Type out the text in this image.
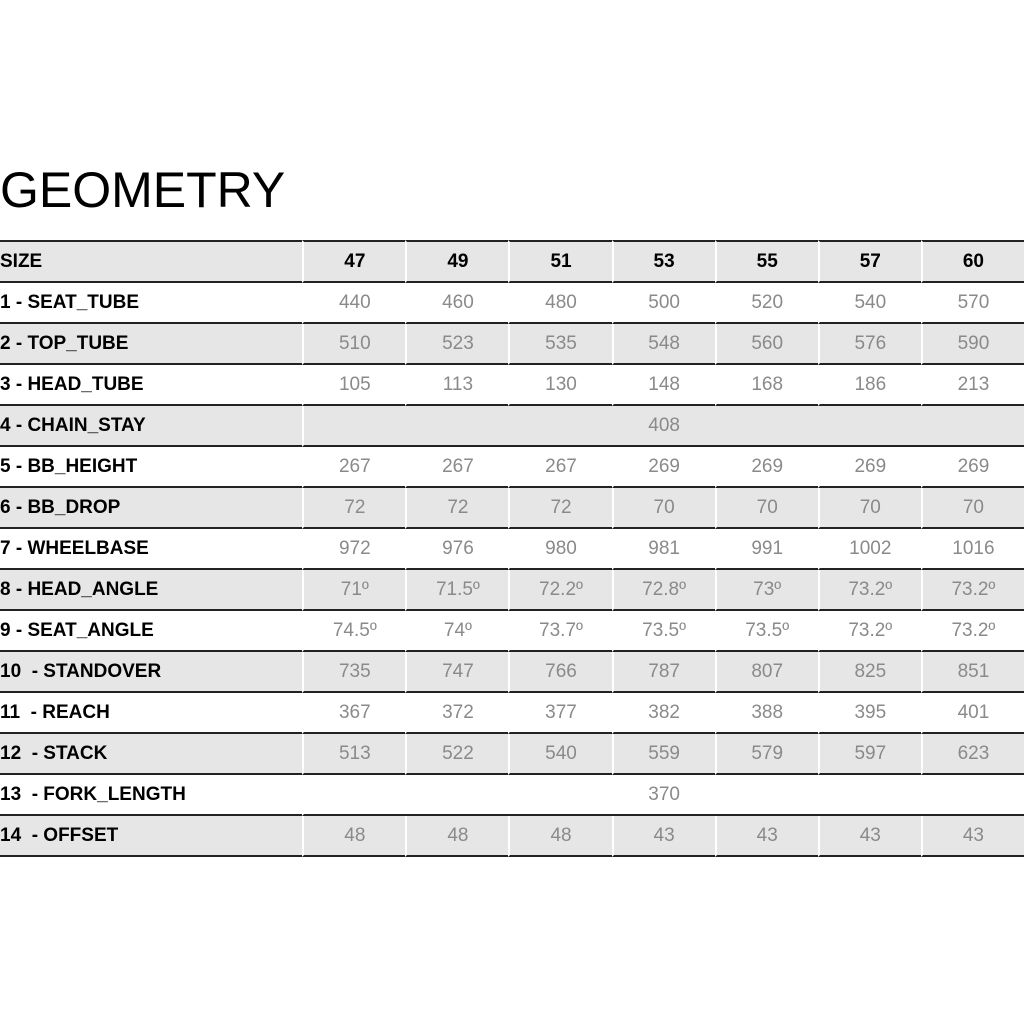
GEOMETRY
SIZE	47	49	51	53	55	57	60
1 - SEAT_TUBE	440	460	480	500	520	540	570
2 - TOP_TUBE	510	523	535	548	560	576	590
3 - HEAD_TUBE	105	113	130	148	168	186	213
4 - CHAIN_STAY	408						
5 - BB_HEIGHT	267	267	267	269	269	269	269
6 - BB_DROP	72	72	72	70	70	70	70
7 - WHEELBASE	972	976	980	981	991	1002	1016
8 - HEAD_ANGLE	71º	71.5º	72.2º	72.8º	73º	73.2º	73.2º
9 - SEAT_ANGLE	74.5º	74º	73.7º	73.5º	73.5º	73.2º	73.2º
10  - STANDOVER	735	747	766	787	807	825	851
11  - REACH	367	372	377	382	388	395	401
12  - STACK	513	522	540	559	579	597	623
13  - FORK_LENGTH	370						
14  - OFFSET	48	48	48	43	43	43	43
